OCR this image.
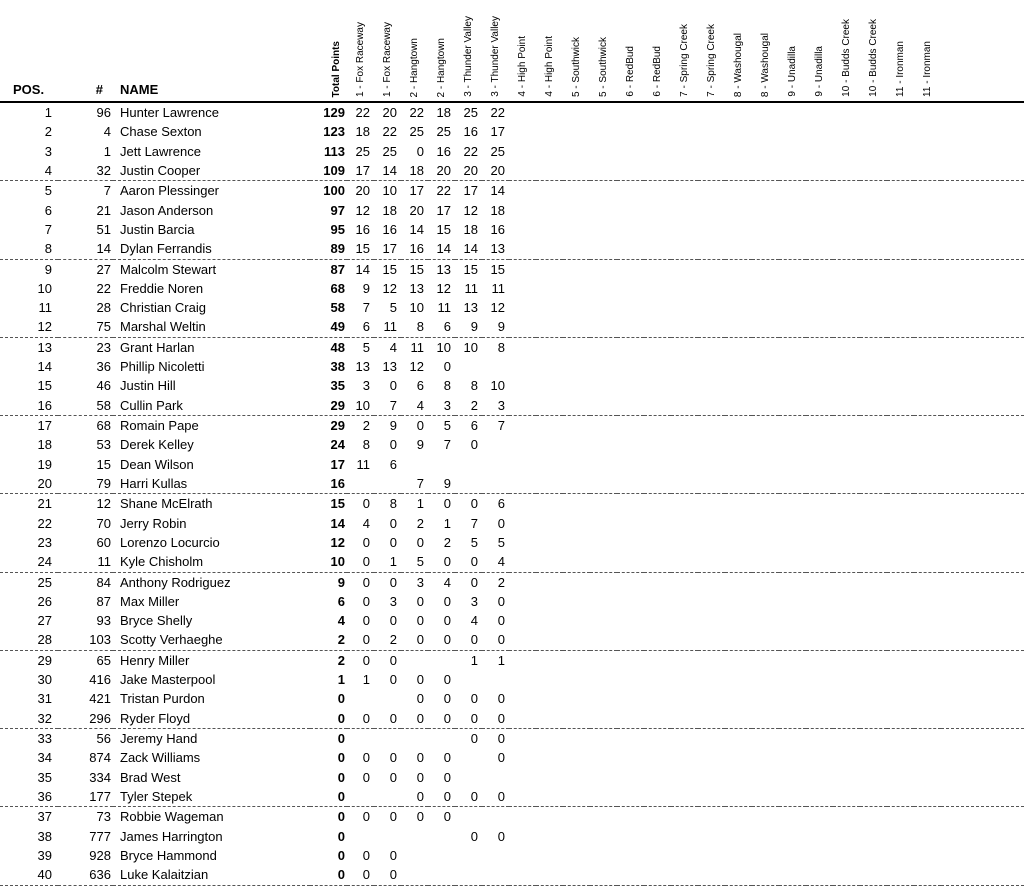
POS.	#	NAME	Total Points	1 - Fox Raceway	1 - Fox Raceway	2 - Hangtown	2 - Hangtown	3 - Thunder Valley	3 - Thunder Valley	4 - High Point	4 - High Point	5 - Southwick	5 - Southwick	6 - RedBud	6 - RedBud	7 - Spring Creek	7 - Spring Creek	8 - Washougal	8 - Washougal	9 - Unadilla	9 - Unadilla	10 - Budds Creek	10 - Budds Creek	11 - Ironman	11 - Ironman	

1	96	Hunter Lawrence	129	22	20	22	18	25	22																	
2	4	Chase Sexton	123	18	22	25	25	16	17																	
3	1	Jett Lawrence	113	25	25	0	16	22	25																	
4	32	Justin Cooper	109	17	14	18	20	20	20																	
5	7	Aaron Plessinger	100	20	10	17	22	17	14																	
6	21	Jason Anderson	97	12	18	20	17	12	18																	
7	51	Justin Barcia	95	16	16	14	15	18	16																	
8	14	Dylan Ferrandis	89	15	17	16	14	14	13																	
9	27	Malcolm Stewart	87	14	15	15	13	15	15																	
10	22	Freddie Noren	68	9	12	13	12	11	11																	
11	28	Christian Craig	58	7	5	10	11	13	12																	
12	75	Marshal Weltin	49	6	11	8	6	9	9																	
13	23	Grant Harlan	48	5	4	11	10	10	8																	
14	36	Phillip Nicoletti	38	13	13	12	0																			
15	46	Justin Hill	35	3	0	6	8	8	10																	
16	58	Cullin Park	29	10	7	4	3	2	3																	
17	68	Romain Pape	29	2	9	0	5	6	7																	
18	53	Derek Kelley	24	8	0	9	7	0																		
19	15	Dean Wilson	17	11	6																					
20	79	Harri Kullas	16			7	9																			
21	12	Shane McElrath	15	0	8	1	0	0	6																	
22	70	Jerry Robin	14	4	0	2	1	7	0																	
23	60	Lorenzo Locurcio	12	0	0	0	2	5	5																	
24	11	Kyle Chisholm	10	0	1	5	0	0	4																	
25	84	Anthony Rodriguez	9	0	0	3	4	0	2																	
26	87	Max Miller	6	0	3	0	0	3	0																	
27	93	Bryce Shelly	4	0	0	0	0	4	0																	
28	103	Scotty Verhaeghe	2	0	2	0	0	0	0																	
29	65	Henry Miller	2	0	0			1	1																	
30	416	Jake Masterpool	1	1	0	0	0																			
31	421	Tristan Purdon	0			0	0	0	0																	
32	296	Ryder Floyd	0	0	0	0	0	0	0																	
33	56	Jeremy Hand	0					0	0																	
34	874	Zack Williams	0	0	0	0	0		0																	
35	334	Brad West	0	0	0	0	0																			
36	177	Tyler Stepek	0			0	0	0	0																	
37	73	Robbie Wageman	0	0	0	0	0																			
38	777	James Harrington	0					0	0																	
39	928	Bryce Hammond	0	0	0																					
40	636	Luke Kalaitzian	0	0	0																					
